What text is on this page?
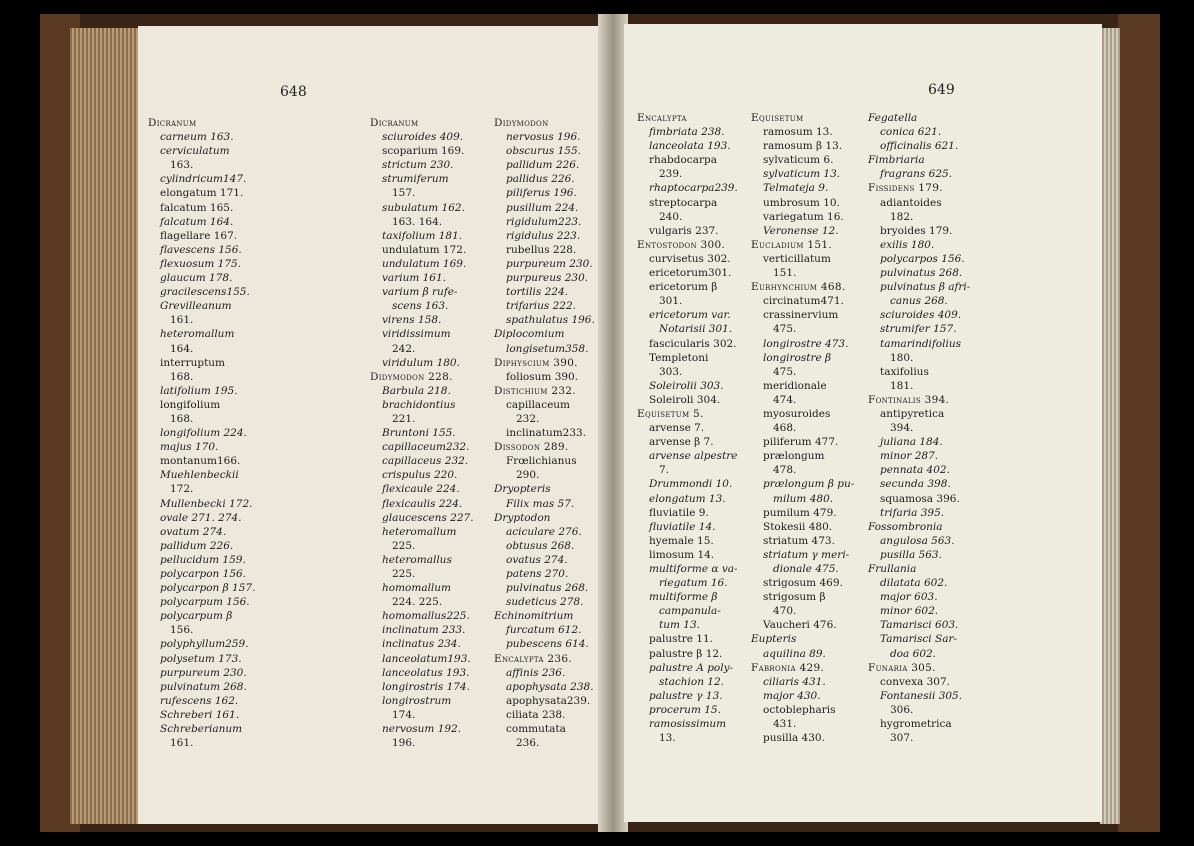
648
Dicranum
carneum 163.
cerviculatum
163.
cylindricum147.
elongatum 171.
falcatum 165.
falcatum 164.
flagellare 167.
flavescens 156.
flexuosum 175.
glaucum 178.
gracilescens155.
Grevilleanum
161.
heteromallum
164.
interruptum
168.
latifolium 195.
longifolium
168.
longifolium 224.
majus 170.
montanum166.
Muehlenbeckii
172.
Mullenbecki 172.
ovale 271. 274.
ovatum 274.
pallidum 226.
pellucidum 159.
polycarpon 156.
polycarpon β 157.
polycarpum 156.
polycarpum β
156.
polyphyllum259.
polysetum 173.
purpureum 230.
pulvinatum 268.
rufescens 162.
Schreberi 161.
Schreberianum
161.
Dicranum
sciuroides 409.
scoparium 169.
strictum 230.
strumiferum
157.
subulatum 162.
163. 164.
taxifolium 181.
undulatum 172.
undulatum 169.
varium 161.
varium β rufe-
scens 163.
virens 158.
viridissimum
242.
viridulum 180.
Didymodon 228.
Barbula 218.
brachidontius
221.
Bruntoni 155.
capillaceum232.
capillaceus 232.
crispulus 220.
flexicaule 224.
flexicaulis 224.
glaucescens 227.
heteromallum
225.
heteromallus
225.
homomallum
224. 225.
homomallus225.
inclinatum 233.
inclinatus 234.
lanceolatum193.
lanceolatus 193.
longirostris 174.
longirostrum
174.
nervosum 192.
196.
Didymodon
nervosus 196.
obscurus 155.
pallidum 226.
pallidus 226.
piliferus 196.
pusillum 224.
rigidulum223.
rigidulus 223.
rubellus 228.
purpureum 230.
purpureus 230.
tortilis 224.
trifarius 222.
spathulatus 196.
Diplocomium
longisetum358.
Diphyscium 390.
foliosum 390.
Distichium 232.
capillaceum
232.
inclinatum233.
Dissodon 289.
Frœlichianus
290.
Dryopteris
Filix mas 57.
Dryptodon
aciculare 276.
obtusus 268.
ovatus 274.
patens 270.
pulvinatus 268.
sudeticus 278.
Echinomitrium
furcatum 612.
pubescens 614.
Encalypta 236.
affinis 236.
apophysata 238.
apophysata239.
ciliata 238.
commutata
236.
649
Encalypta
fimbriata 238.
lanceolata 193.
rhabdocarpa
239.
rhaptocarpa239.
streptocarpa
240.
vulgaris 237.
Entostodon 300.
curvisetus 302.
ericetorum301.
ericetorum β
301.
ericetorum var.
Notarisii 301.
fascicularis 302.
Templetoni
303.
Soleirolii 303.
Soleiroli 304.
Equisetum 5.
arvense 7.
arvense β 7.
arvense alpestre
7.
Drummondi 10.
elongatum 13.
fluviatile 9.
fluviatile 14.
hyemale 15.
limosum 14.
multiforme α va-
riegatum 16.
multiforme β
campanula-
tum 13.
palustre 11.
palustre β 12.
palustre A poly-
stachion 12.
palustre γ 13.
procerum 15.
ramosissimum
13.
Equisetum
ramosum 13.
ramosum β 13.
sylvaticum 6.
sylvaticum 13.
Telmateja 9.
umbrosum 10.
variegatum 16.
Veronense 12.
Eucladium 151.
verticillatum
151.
Eurhynchium 468.
circinatum471.
crassinervium
475.
longirostre 473.
longirostre β
475.
meridionale
474.
myosuroides
468.
piliferum 477.
prælongum
478.
prælongum β pu-
milum 480.
pumilum 479.
Stokesii 480.
striatum 473.
striatum γ meri-
dionale 475.
strigosum 469.
strigosum β
470.
Vaucheri 476.
Eupteris
aquilina 89.
Fabronia 429.
ciliaris 431.
major 430.
octoblepharis
431.
pusilla 430.
Fegatella
conica 621.
officinalis 621.
Fimbriaria
fragrans 625.
Fissidens 179.
adiantoides
182.
bryoides 179.
exilis 180.
polycarpos 156.
pulvinatus 268.
pulvinatus β afri-
canus 268.
sciuroides 409.
strumifer 157.
tamarindifolius
180.
taxifolius
181.
Fontinalis 394.
antipyretica
394.
juliana 184.
minor 287.
pennata 402.
secunda 398.
squamosa 396.
trifaria 395.
Fossombronia
angulosa 563.
pusilla 563.
Frullania
dilatata 602.
major 603.
minor 602.
Tamarisci 603.
Tamarisci Sar-
doa 602.
Funaria 305.
convexa 307.
Fontanesii 305.
306.
hygrometrica
307.
